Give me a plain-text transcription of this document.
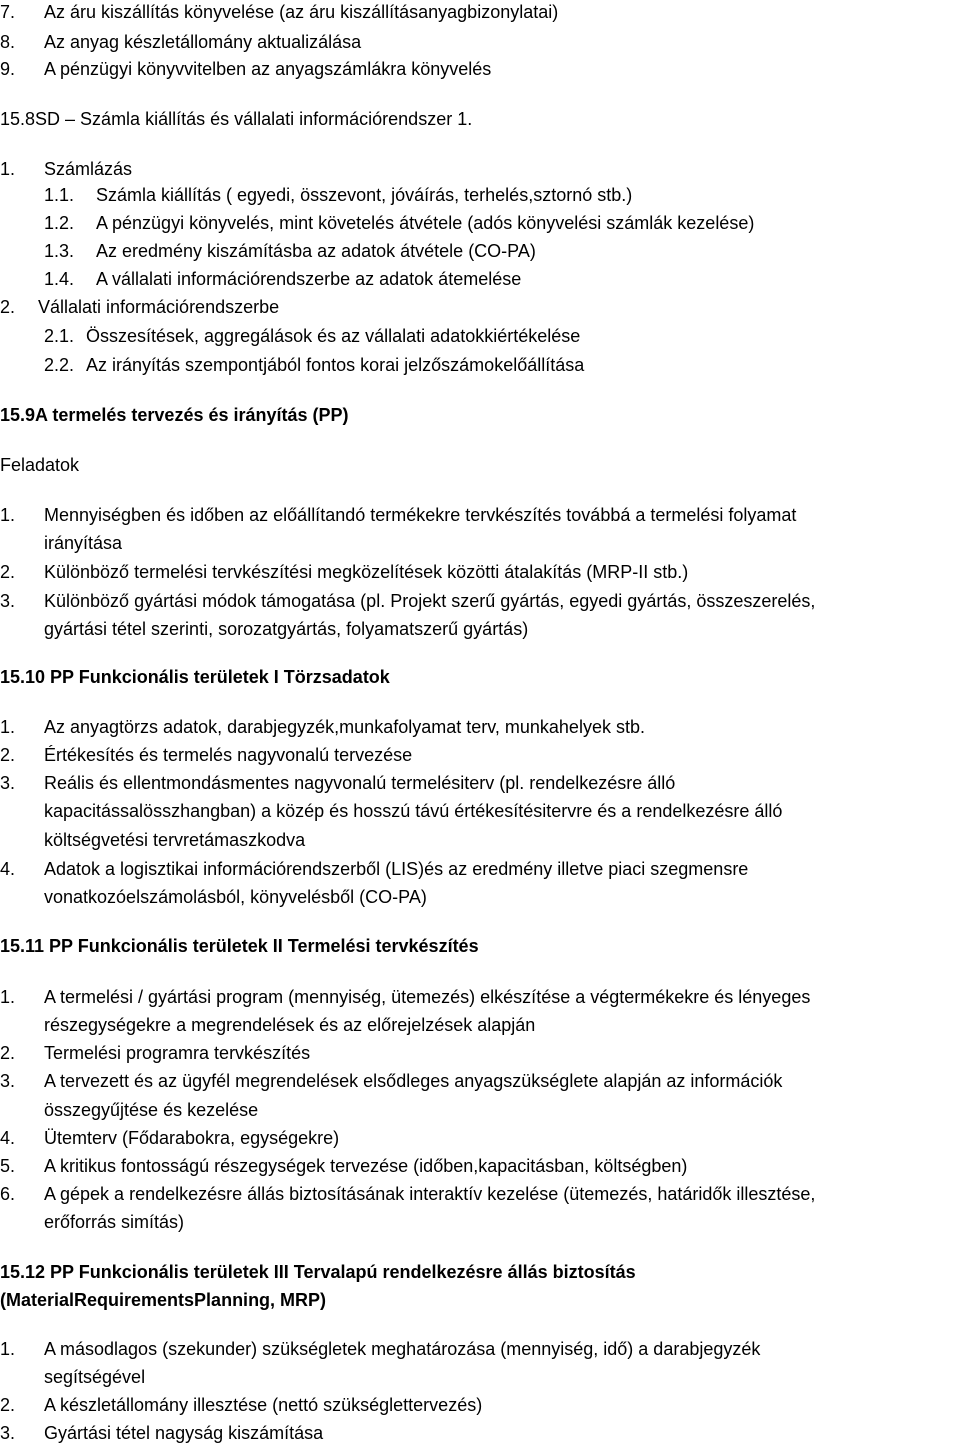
7. Az áru kiszállítás könyvelése (az áru kiszállításanyagbizonylatai)
8. Az anyag készletállomány aktualizálása
9. A pénzügyi könyvvitelben az anyagszámlákra könyvelés
15.8SD – Számla kiállítás és vállalati információrendszer 1.
1. Számlázás
1.1. Számla kiállítás ( egyedi, összevont, jóváírás, terhelés,sztornó stb.)
1.2. A pénzügyi könyvelés, mint követelés átvétele (adós könyvelési számlák kezelése)
1.3. Az eredmény kiszámításba az adatok átvétele (CO-PA)
1.4. A vállalati információrendszerbe az adatok átemelése
2. Vállalati információrendszerbe
2.1. Összesítések, aggregálások és az vállalati adatokkiértékelése
2.2. Az irányítás szempontjából fontos korai jelzőszámokelőállítása
15.9A termelés tervezés és irányítás (PP)
Feladatok
1. Mennyiségben és időben az előállítandó termékekre tervkészítés továbbá a termelési folyamat
irányítása
2. Különböző termelési tervkészítési megközelítések közötti átalakítás (MRP-II stb.)
3. Különböző gyártási módok támogatása (pl. Projekt szerű gyártás, egyedi gyártás, összeszerelés,
gyártási tétel szerinti, sorozatgyártás, folyamatszerű gyártás)
15.10 PP Funkcionális területek I Törzsadatok
1. Az anyagtörzs adatok, darabjegyzék,munkafolyamat terv, munkahelyek stb.
2. Értékesítés és termelés nagyvonalú tervezése
3. Reális és ellentmondásmentes nagyvonalú termelésiterv (pl. rendelkezésre álló
kapacitássalösszhangban) a közép és hosszú távú értékesítésitervre és a rendelkezésre álló
költségvetési tervretámaszkodva
4. Adatok a logisztikai információrendszerből (LIS)és az eredmény illetve piaci szegmensre
vonatkozóelszámolásból, könyvelésből (CO-PA)
15.11 PP Funkcionális területek II Termelési tervkészítés
1. A termelési / gyártási program (mennyiség, ütemezés) elkészítése a végtermékekre és lényeges
részegységekre a megrendelések és az előrejelzések alapján
2. Termelési programra tervkészítés
3. A tervezett és az ügyfél megrendelések elsődleges anyagszükséglete alapján az információk
összegyűjtése és kezelése
4. Ütemterv (Fődarabokra, egységekre)
5. A kritikus fontosságú részegységek tervezése (időben,kapacitásban, költségben)
6. A gépek a rendelkezésre állás biztosításának interaktív kezelése (ütemezés, határidők illesztése,
erőforrás simítás)
15.12 PP Funkcionális területek III Tervalapú rendelkezésre állás biztosítás
(MaterialRequirementsPlanning, MRP)
1. A másodlagos (szekunder) szükségletek meghatározása (mennyiség, idő) a darabjegyzék
segítségével
2. A készletállomány illesztése (nettó szükséglettervezés)
3. Gyártási tétel nagyság kiszámítása
